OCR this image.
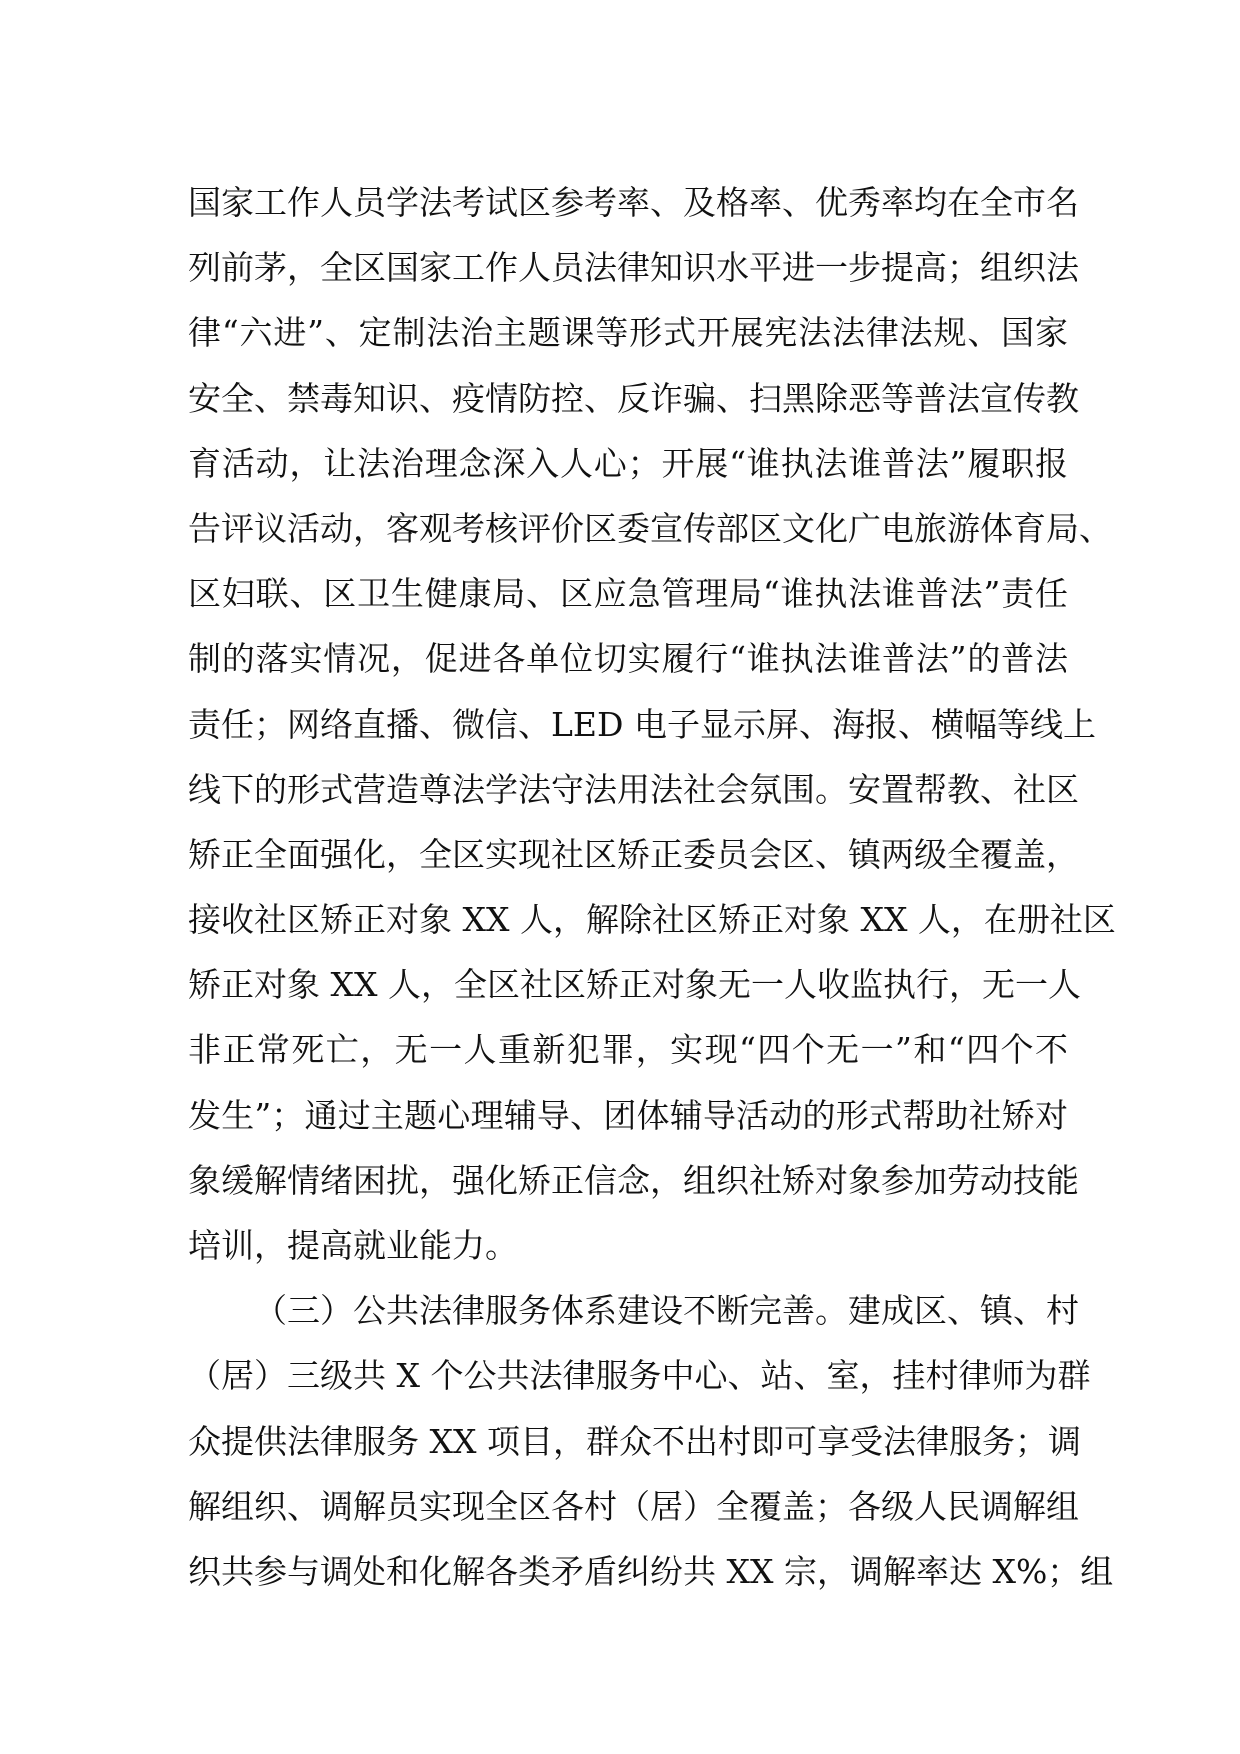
国家工作人员学法考试区参考率、及格率、优秀率均在全市名
列前茅，全区国家工作人员法律知识水平进一步提高；组织法
律“六进”、定制法治主题课等形式开展宪法法律法规、国家
安全、禁毒知识、疫情防控、反诈骗、扫黑除恶等普法宣传教
育活动，让法治理念深入人心；开展“谁执法谁普法”履职报
告评议活动，客观考核评价区委宣传部区文化广电旅游体育局、
区妇联、区卫生健康局、区应急管理局“谁执法谁普法”责任
制的落实情况，促进各单位切实履行“谁执法谁普法”的普法
责任；网络直播、微信、LED 电子显示屏、海报、横幅等线上
线下的形式营造尊法学法守法用法社会氛围。安置帮教、社区
矫正全面强化，全区实现社区矫正委员会区、镇两级全覆盖，
接收社区矫正对象 XX 人，解除社区矫正对象 XX 人，在册社区
矫正对象 XX 人，全区社区矫正对象无一人收监执行，无一人
非正常死亡，无一人重新犯罪，实现“四个无一”和“四个不
发生”；通过主题心理辅导、团体辅导活动的形式帮助社矫对
象缓解情绪困扰，强化矫正信念，组织社矫对象参加劳动技能
培训，提高就业能力。
（三）公共法律服务体系建设不断完善。建成区、镇、村
（居）三级共 X 个公共法律服务中心、站、室，挂村律师为群
众提供法律服务 XX 项目，群众不出村即可享受法律服务；调
解组织、调解员实现全区各村（居）全覆盖；各级人民调解组
织共参与调处和化解各类矛盾纠纷共 XX 宗，调解率达 X%；组
